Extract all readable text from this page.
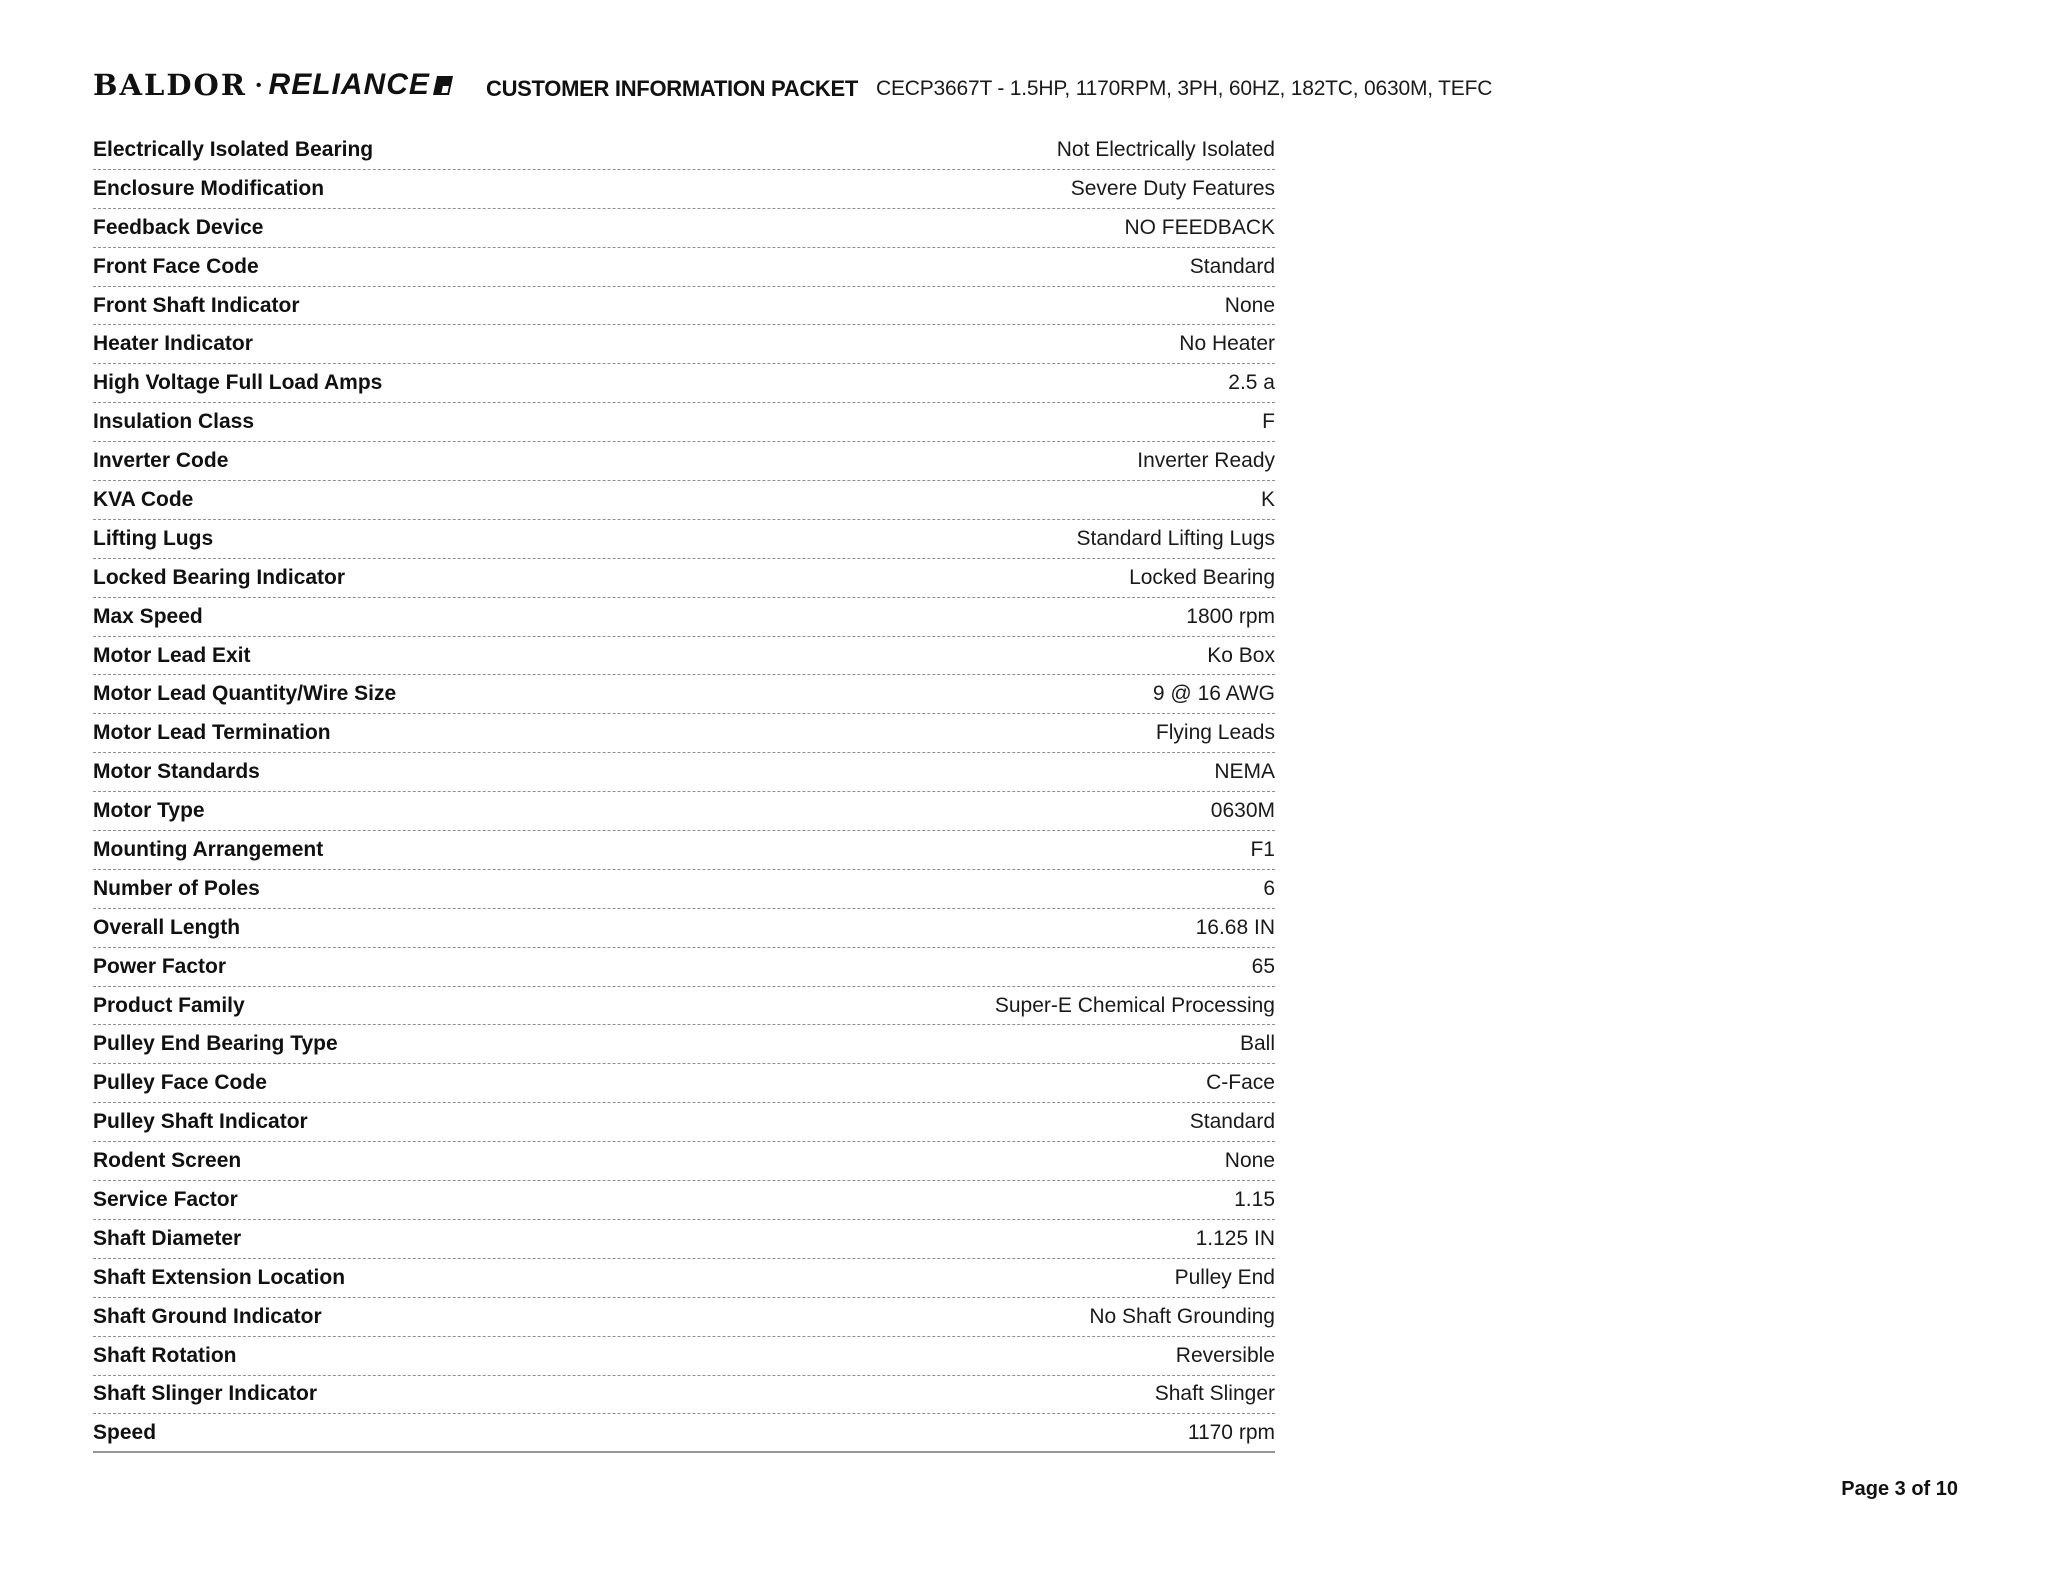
BALDOR • RELIANCE	CUSTOMER INFORMATION PACKET CECP3667T - 1.5HP, 1170RPM, 3PH, 60HZ, 182TC, 0630M, TEFC
Electrically Isolated Bearing	Not Electrically Isolated
Enclosure Modification	Severe Duty Features
Feedback Device	NO FEEDBACK
Front Face Code	Standard
Front Shaft Indicator	None
Heater Indicator	No Heater
High Voltage Full Load Amps	2.5 a
Insulation Class	F
Inverter Code	Inverter Ready
KVA Code	K
Lifting Lugs	Standard Lifting Lugs
Locked Bearing Indicator	Locked Bearing
Max Speed	1800 rpm
Motor Lead Exit	Ko Box
Motor Lead Quantity/Wire Size	9 @ 16 AWG
Motor Lead Termination	Flying Leads
Motor Standards	NEMA
Motor Type	0630M
Mounting Arrangement	F1
Number of Poles	6
Overall Length	16.68 IN
Power Factor	65
Product Family	Super-E Chemical Processing
Pulley End Bearing Type	Ball
Pulley Face Code	C-Face
Pulley Shaft Indicator	Standard
Rodent Screen	None
Service Factor	1.15
Shaft Diameter	1.125 IN
Shaft Extension Location	Pulley End
Shaft Ground Indicator	No Shaft Grounding
Shaft Rotation	Reversible
Shaft Slinger Indicator	Shaft Slinger
Speed	1170 rpm
Page 3 of 10
